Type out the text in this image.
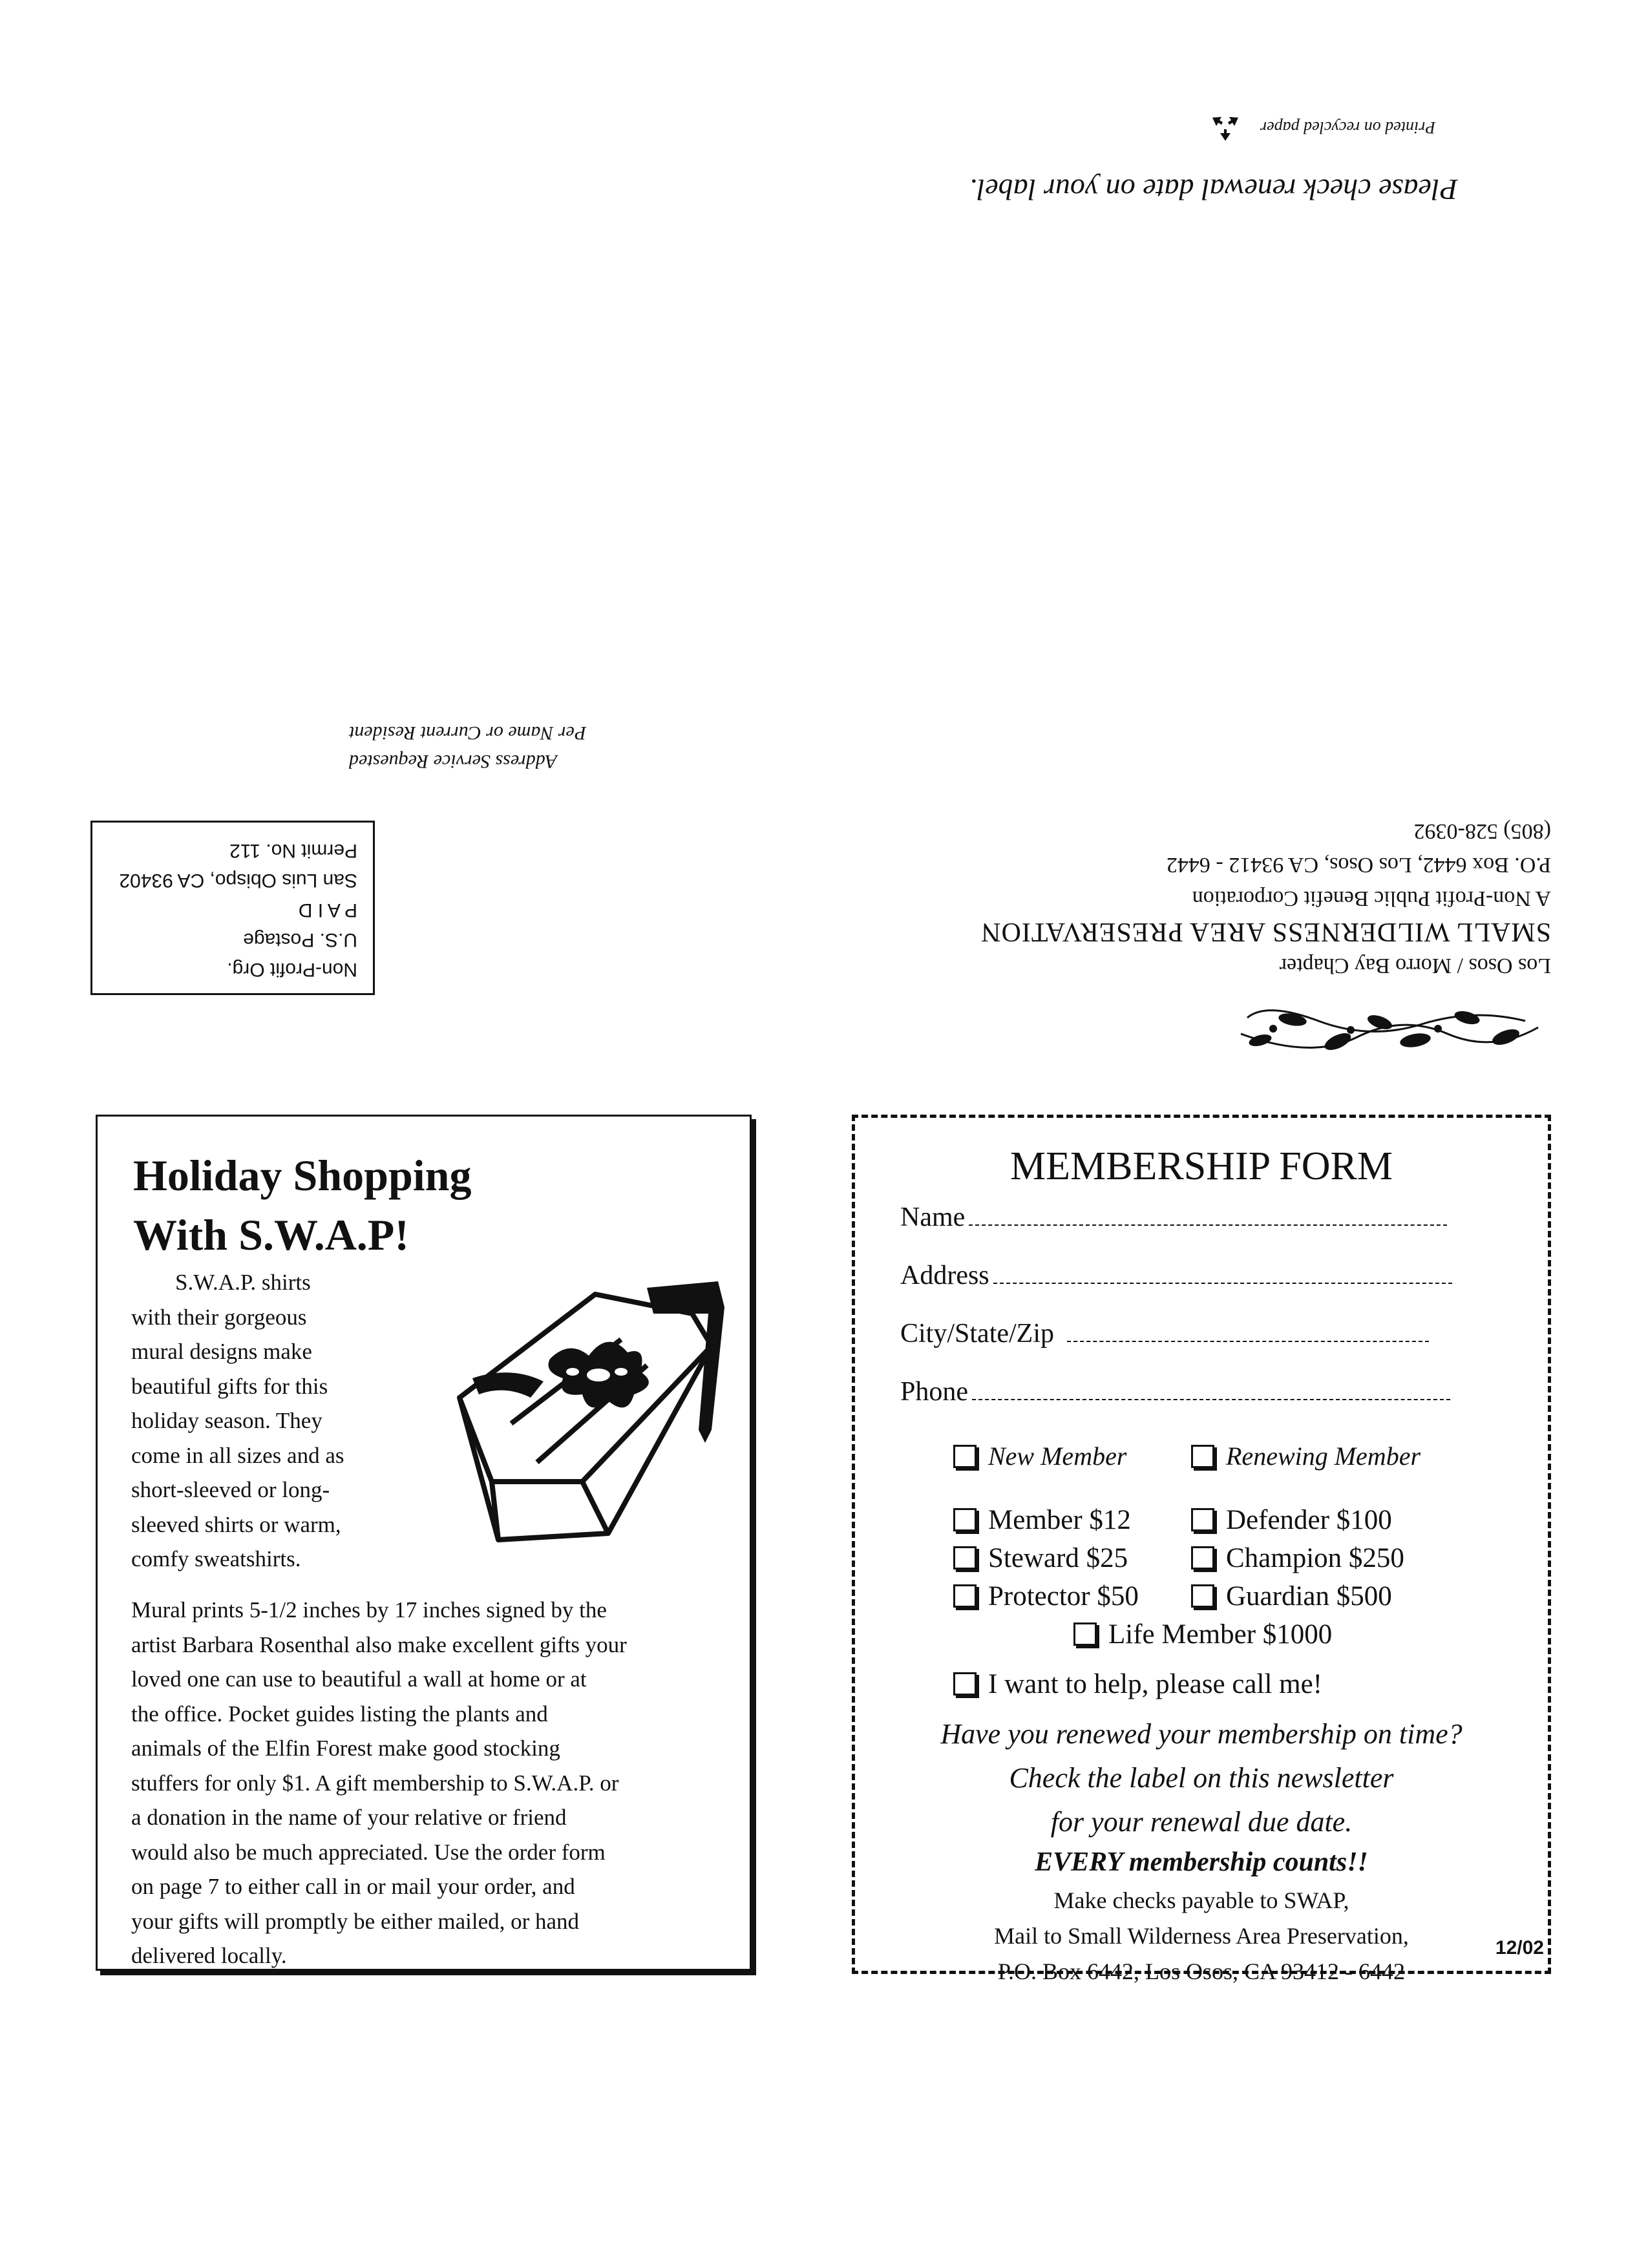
Printed on recycled paper
Please check renewal date on your label.
Address Service Requested
Per Name or Current Resident
Non-Profit Org.
U.S. Postage
P A I D
San Luis Obispo, CA 93402
Permit No. 112
Los Osos / Morro Bay Chapter
SMALL WILDERNESS AREA PRESERVATION
A Non-Profit Public Benefit Corporation
P.O. Box 6442, Los Osos, CA 93412 - 6442
(805) 528-0392
Holiday Shopping
With S.W.A.P!
S.W.A.P. shirts
with their gorgeous
mural designs make
beautiful gifts for this
holiday season. They
come in all sizes and as
short-sleeved or long-
sleeved shirts or warm,
comfy sweatshirts.
Mural prints 5-1/2 inches by 17 inches signed by the
artist Barbara Rosenthal also make excellent gifts your
loved one can use to beautiful a wall at home or at
the office. Pocket guides listing the plants and
animals of the Elfin Forest make good stocking
stuffers for only $1. A gift membership to S.W.A.P. or
a donation in the name of your relative or friend
would also be much appreciated. Use the order form
on page 7 to either call in or mail your order, and
your gifts will promptly be either mailed, or hand
delivered locally.
MEMBERSHIP FORM
Name
Address
City/State/Zip
Phone
New Member	Renewing Member
Member $12	Defender $100
Steward $25	Champion $250
Protector $50	Guardian $500
Life Member $1000
I want to help, please call me!
Have you renewed your membership on time?
Check the label on this newsletter
for your renewal due date.
EVERY membership counts!!
Make checks payable to SWAP,
Mail to Small Wilderness Area Preservation,
P.O. Box 6442, Los Osos, CA 93412 - 6442
12/02
